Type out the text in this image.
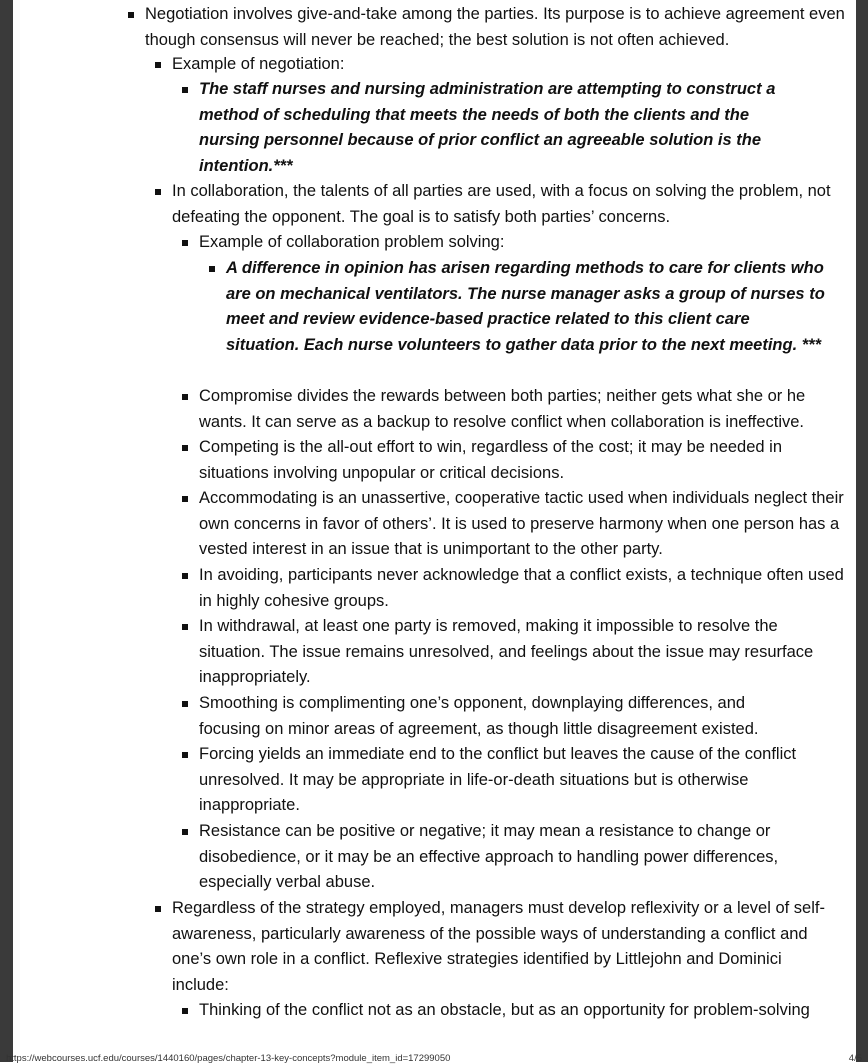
Negotiation involves give-and-take among the parties. Its purpose is to achieve agreement even though consensus will never be reached; the best solution is not often achieved.

Example of negotiation:

The staff nurses and nursing administration are attempting to construct a method of scheduling that meets the needs of both the clients and the nursing personnel because of prior conflict an agreeable solution is the intention.***

In collaboration, the talents of all parties are used, with a focus on solving the problem, not defeating the opponent. The goal is to satisfy both parties’ concerns.

Example of collaboration problem solving:

A difference in opinion has arisen regarding methods to care for clients who are on mechanical ventilators. The nurse manager asks a group of nurses to meet and review evidence-based practice related to this client care situation. Each nurse volunteers to gather data prior to the next meeting. ***

Compromise divides the rewards between both parties; neither gets what she or he wants. It can serve as a backup to resolve conflict when collaboration is ineffective.

Competing is the all-out effort to win, regardless of the cost; it may be needed in situations involving unpopular or critical decisions.

Accommodating is an unassertive, cooperative tactic used when individuals neglect their own concerns in favor of others’. It is used to preserve harmony when one person has a vested interest in an issue that is unimportant to the other party.

In avoiding, participants never acknowledge that a conflict exists, a technique often used in highly cohesive groups.

In withdrawal, at least one party is removed, making it impossible to resolve the situation. The issue remains unresolved, and feelings about the issue may resurface inappropriately.

Smoothing is complimenting one’s opponent, downplaying differences, and focusing on minor areas of agreement, as though little disagreement existed.

Forcing yields an immediate end to the conflict but leaves the cause of the conflict unresolved. It may be appropriate in life-or-death situations but is otherwise inappropriate.

Resistance can be positive or negative; it may mean a resistance to change or disobedience, or it may be an effective approach to handling power differences, especially verbal abuse.

Regardless of the strategy employed, managers must develop reflexivity or a level of self-awareness, particularly awareness of the possible ways of understanding a conflict and one’s own role in a conflict. Reflexive strategies identified by Littlejohn and Dominici include:

Thinking of the conflict not as an obstacle, but as an opportunity for problem-solving

https://webcourses.ucf.edu/courses/1440160/pages/chapter-13-key-concepts?module_item_id=17299050	4/5
